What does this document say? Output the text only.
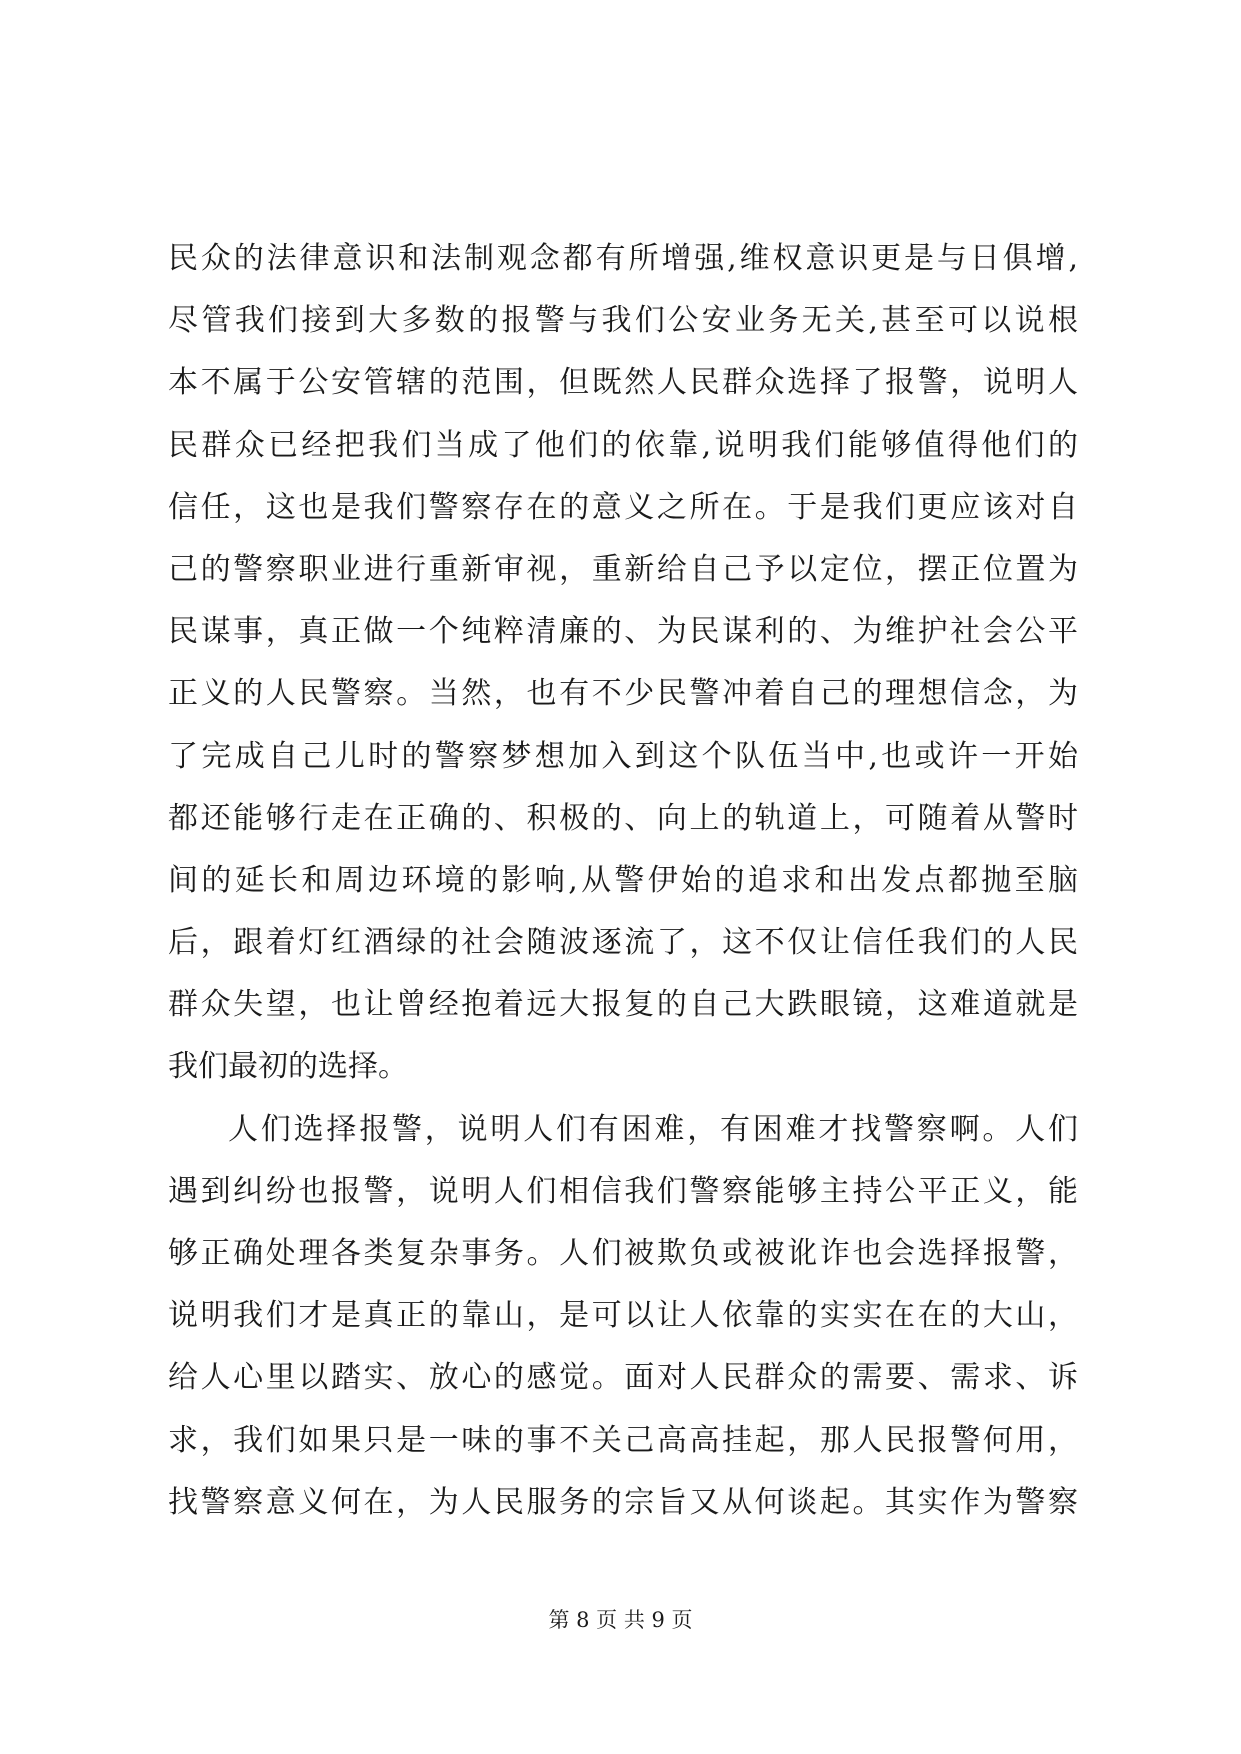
民众的法律意识和法制观念都有所增强,维权意识更是与日俱增,
尽管我们接到大多数的报警与我们公安业务无关,甚至可以说根
本不属于公安管辖的范围，但既然人民群众选择了报警，说明人
民群众已经把我们当成了他们的依靠,说明我们能够值得他们的
信任，这也是我们警察存在的意义之所在。于是我们更应该对自
己的警察职业进行重新审视，重新给自己予以定位，摆正位置为
民谋事，真正做一个纯粹清廉的、为民谋利的、为维护社会公平
正义的人民警察。当然，也有不少民警冲着自己的理想信念，为
了完成自己儿时的警察梦想加入到这个队伍当中,也或许一开始
都还能够行走在正确的、积极的、向上的轨道上，可随着从警时
间的延长和周边环境的影响,从警伊始的追求和出发点都抛至脑
后，跟着灯红酒绿的社会随波逐流了，这不仅让信任我们的人民
群众失望，也让曾经抱着远大报复的自己大跌眼镜，这难道就是
我们最初的选择。
人们选择报警，说明人们有困难，有困难才找警察啊。人们
遇到纠纷也报警，说明人们相信我们警察能够主持公平正义，能
够正确处理各类复杂事务。人们被欺负或被讹诈也会选择报警，
说明我们才是真正的靠山，是可以让人依靠的实实在在的大山，
给人心里以踏实、放心的感觉。面对人民群众的需要、需求、诉
求，我们如果只是一味的事不关己高高挂起，那人民报警何用，
找警察意义何在，为人民服务的宗旨又从何谈起。其实作为警察
第 8 页 共 9 页
